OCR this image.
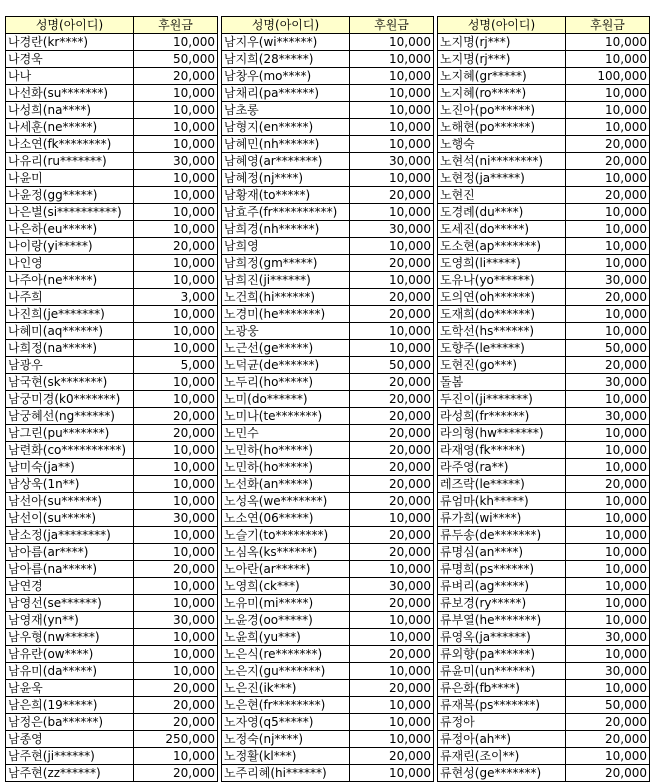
성명(아이디)	후원금
나경란(kr****)	10,000
나경욱	50,000
나나	20,000
나선화(su*******)	10,000
나성희(na****)	10,000
나세훈(ne*****)	10,000
나소연(fk********)	10,000
나유리(ru*******)	30,000
나윤미	10,000
나윤정(gg*****)	10,000
나은별(si**********)	10,000
나은하(eu*****)	10,000
나이랑(yi*****)	20,000
나인영	10,000
나주아(ne*****)	10,000
나주희	3,000
나진희(je*******)	10,000
나혜미(aq******)	10,000
나희정(na*****)	10,000
남광우	5,000
남국현(sk*******)	10,000
남궁미경(k0*******)	10,000
남궁혜선(ng******)	20,000
남그린(pu*******)	20,000
남련화(co**********)	10,000
남미숙(ja**)	10,000
남상욱(1n**)	10,000
남선아(su******)	10,000
남선이(su*****)	30,000
남소정(ja********)	10,000
남아름(ar****)	10,000
남아름(na*****)	20,000
남연경	10,000
남영선(se******)	10,000
남영재(yn**)	30,000
남우형(nw*****)	10,000
남유란(ow****)	10,000
남유미(da*****)	10,000
남윤욱	20,000
남은희(19*****)	20,000
남정은(ba******)	20,000
남종영	250,000
남주현(ji******)	10,000
남주현(zz******)	20,000
성명(아이디)	후원금
남지우(wi******)	10,000
남지희(28*****)	10,000
남창우(mo****)	10,000
남채리(pa******)	10,000
남초롱	10,000
남형지(en*****)	10,000
남혜민(nh******)	10,000
남혜영(ar*******)	30,000
남혜정(nj****)	10,000
남황재(to*****)	20,000
남효주(fr**********)	10,000
남희경(nh******)	30,000
남희영	10,000
남희정(gm*****)	20,000
남희진(ji******)	10,000
노건희(hi******)	20,000
노경미(he*******)	20,000
노광웅	10,000
노근선(ge*****)	10,000
노덕균(de******)	50,000
노두리(ho*****)	20,000
노미(do******)	20,000
노미나(te*******)	20,000
노민수	20,000
노민하(ho*****)	20,000
노민하(ho*****)	20,000
노선화(an*****)	20,000
노성옥(we*******)	20,000
노소연(06*****)	10,000
노슬기(to********)	20,000
노심옥(ks******)	20,000
노아란(ar*****)	10,000
노영희(ck***)	30,000
노유미(mi*****)	20,000
노윤경(oo*****)	10,000
노윤희(yu***)	10,000
노은식(re*******)	20,000
노은지(gu*******)	10,000
노은진(ik***)	20,000
노은현(fr********)	10,000
노자영(q5*****)	10,000
노정숙(nj****)	10,000
노정활(kl***)	20,000
노주리혜(hi******)	10,000
성명(아이디)	후원금
노지명(rj***)	10,000
노지명(rj***)	10,000
노지혜(gr*****)	100,000
노지혜(ro*****)	10,000
노진아(po******)	10,000
노해현(po******)	10,000
노행숙	20,000
노현석(ni********)	20,000
노현정(ja*****)	10,000
노현진	20,000
도경례(du****)	10,000
도세진(do*****)	10,000
도소현(ap*******)	10,000
도영희(li*****)	10,000
도유나(yo******)	30,000
도의연(oh******)	20,000
도재희(do******)	10,000
도학선(hs******)	10,000
도향주(le*****)	50,000
도현진(go***)	20,000
돌봄	30,000
두진이(ji*******)	10,000
라성희(fr******)	30,000
라의형(hw*******)	10,000
라재영(fk*****)	10,000
라주영(ra**)	10,000
레즈락(le*****)	20,000
류엄마(kh*****)	10,000
류가희(wi****)	10,000
류두송(de*******)	10,000
류명심(an****)	10,000
류명희(ps******)	10,000
류벼리(ag*****)	10,000
류보경(ry*****)	10,000
류부열(he*******)	10,000
류영옥(ja******)	30,000
류외향(pa******)	10,000
류윤미(un******)	30,000
류은화(fb****)	10,000
류재복(ps*******)	50,000
류정아	20,000
류정아(ah**)	20,000
류재린(조이**)	10,000
류현성(ge*******)	20,000
